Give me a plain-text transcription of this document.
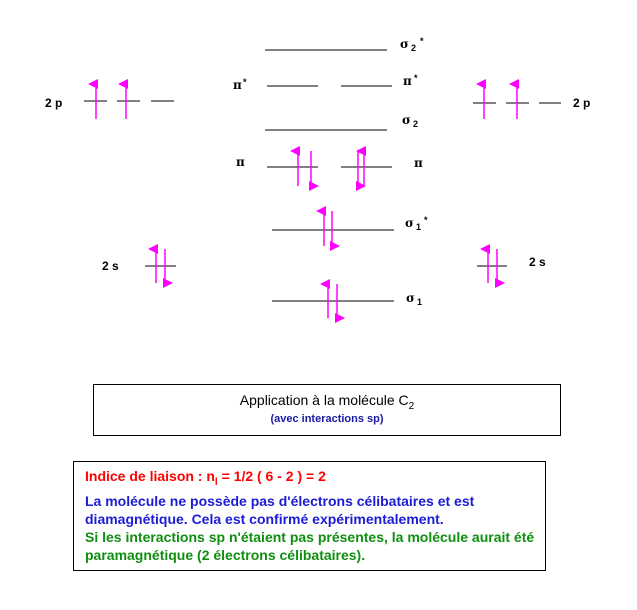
2 p	2 p
2 s	2 s
σ 2
*
π *	π *
σ 2
π	π
σ 1
*
σ 1
Application à la molécule $C_2$
(avec interactions sp)

Indice de liaison : $n_l = 1/2$ ( 6 - 2 ) = 2

La molécule ne possède pas d'électrons célibataires et est diamagnétique. Cela est confirmé expérimentalement.

Si les interactions sp n'étaient pas présentes, la molécule aurait été paramagnétique (2 électrons célibataires).
